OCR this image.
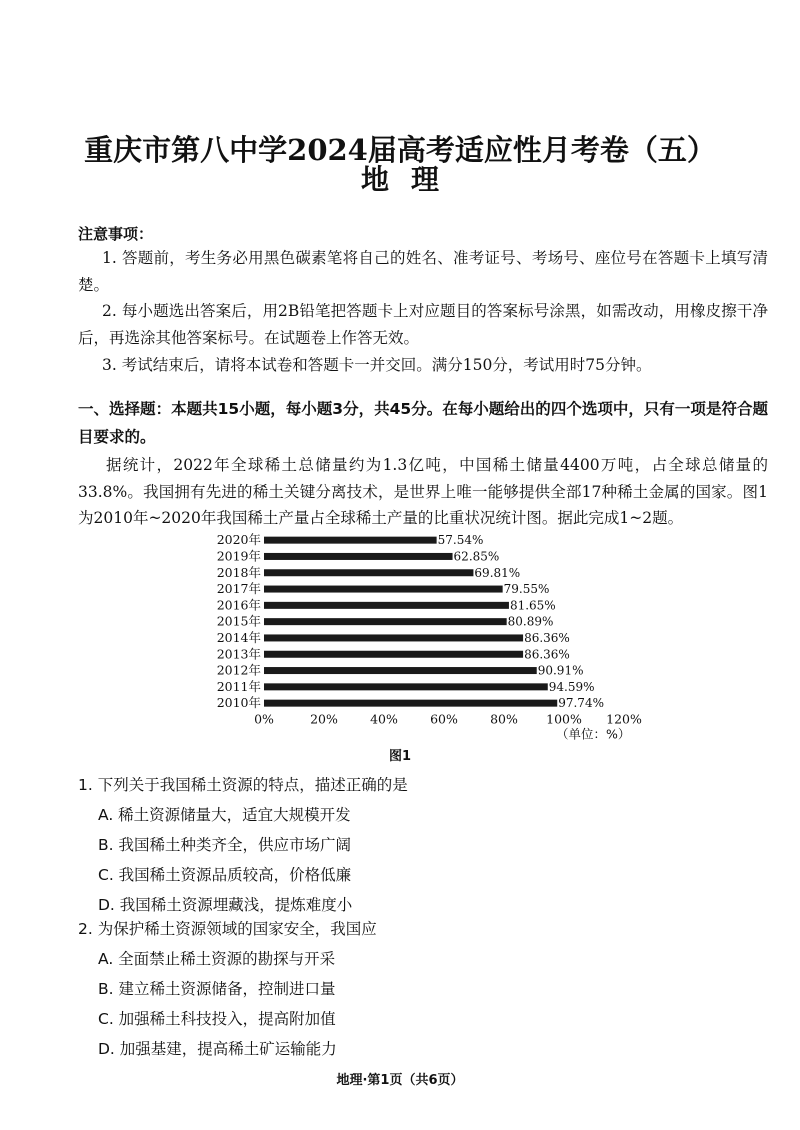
重庆市第八中学2024届高考适应性月考卷（五）
地理
注意事项：
1. 答题前，考生务必用黑色碳素笔将自己的姓名、准考证号、考场号、座位号在答题卡上填写清楚。
2. 每小题选出答案后，用2B铅笔把答题卡上对应题目的答案标号涂黑，如需改动，用橡皮擦干净后，再选涂其他答案标号。在试题卷上作答无效。
3. 考试结束后，请将本试卷和答题卡一并交回。满分150分，考试用时75分钟。
一、选择题：本题共15小题，每小题3分，共45分。在每小题给出的四个选项中，只有一项是符合题目要求的。
据统计，2022年全球稀土总储量约为1.3亿吨，中国稀土储量4400万吨，占全球总储量的33.8%。我国拥有先进的稀土关键分离技术，是世界上唯一能够提供全部17种稀土金属的国家。图1为2010年~2020年我国稀土产量占全球稀土产量的比重状况统计图。据此完成1~2题。
2020年	57.54%
2019年	62.85%
2018年	69.81%
2017年	79.55%
2016年	81.65%
2015年	80.89%
2014年	86.36%
2013年	86.36%
2012年	90.91%
2011年	94.59%
2010年	97.74%
0%	20%	40%	60%	80% 100% 120%
（单位：%）
图1
1. 下列关于我国稀土资源的特点，描述正确的是
A. 稀土资源储量大，适宜大规模开发
B. 我国稀土种类齐全，供应市场广阔
C. 我国稀土资源品质较高，价格低廉
D. 我国稀土资源埋藏浅，提炼难度小
2. 为保护稀土资源领域的国家安全，我国应
A. 全面禁止稀土资源的勘探与开采
B. 建立稀土资源储备，控制进口量
C. 加强稀土科技投入，提高附加值
D. 加强基建，提高稀土矿运输能力
地理·第1页（共6页）
